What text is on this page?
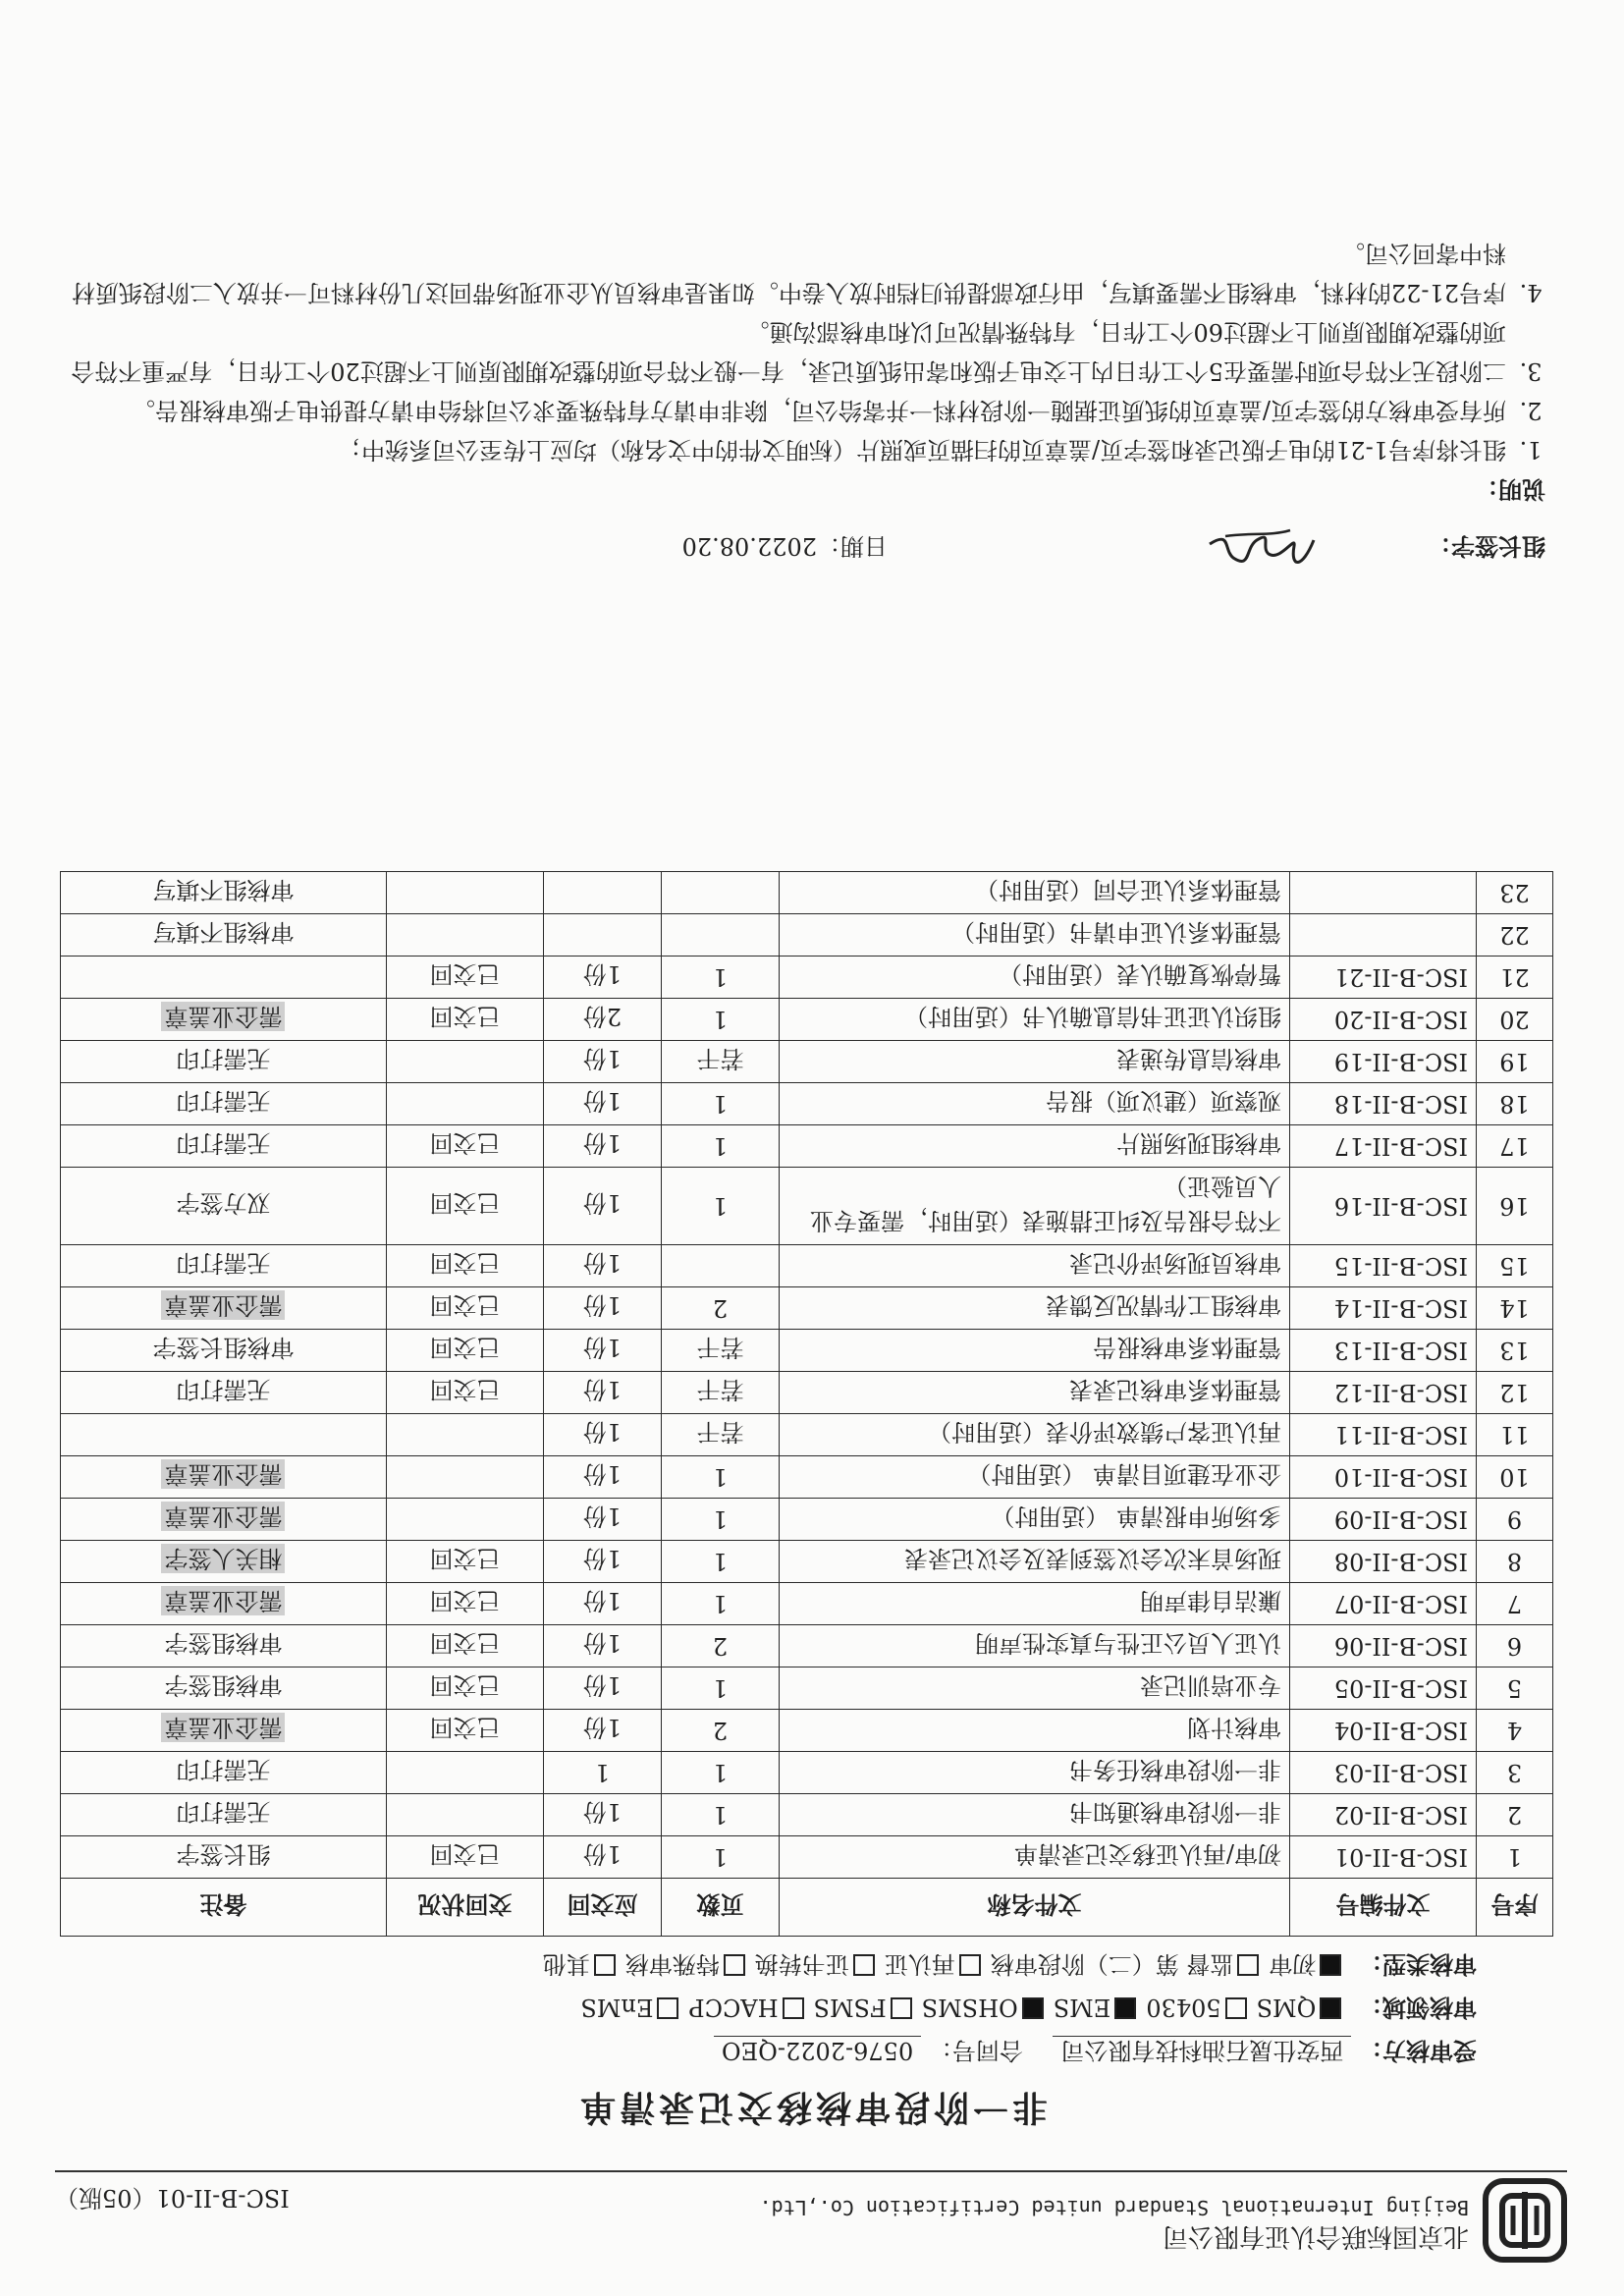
北京国标联合认证有限公司
Beijing International Standard united Certification Co.,Ltd.
ISC-B-II-01（05版）
非一阶段审核移交记录清单
受审核方： 西安仕晟石油科技有限公司    合同号： 0576-2022-QEO
审核领域： QMS50430EMSOHSMSFSMSHACCPEnMS
审核类型： 初审监督 第（二）阶段审核再认证证书转换特殊审核其他
序号	文件编号	文件名称	页数	应交回	交回状况	备注
1	ISC-B-II-01	初审/再认证移交记录清单	1	1份	已交回	组长签字
2	ISC-B-II-02	非一阶段审核通知书	1	1份		无需打印
3	ISC-B-II-03	非一阶段审核任务书	1	1		无需打印
4	ISC-B-II-04	审核计划	2	1份	已交回	需企业盖章
5	ISC-B-II-05	专业培训记录	1	1份	已交回	审核组签字
6	ISC-B-II-06	认证人员公正性与真实性声明	2	1份	已交回	审核组签字
7	ISC-B-II-07	廉洁自律声明	1	1份	已交回	需企业盖章
8	ISC-B-II-08	现场首末次会议签到表及会议记录表	1	1份	已交回	相关人签字
9	ISC-B-II-09	多场所申报清单 （适用时）	1	1份		需企业盖章
10	ISC-B-II-10	企业在建项目清单 （适用时）	1	1份		需企业盖章
11	ISC-B-II-11	再认证客户绩效评价表（适用时）	若干	1份		
12	ISC-B-II-12	管理体系审核记录表	若干	1份	已交回	无需打印
13	ISC-B-II-13	管理体系审核报告	若干	1份	已交回	审核组长签字
14	ISC-B-II-14	审核组工作情况反馈表	2	1份	已交回	需企业盖章
15	ISC-B-II-15	审核员现场评价记录		1份	已交回	无需打印
16	ISC-B-II-16	不符合报告及纠正措施表（适用时，需要专业人员验证）	1	1份	已交回	双方签字
17	ISC-B-II-17	审核组现场照片	1	1份	已交回	无需打印
18	ISC-B-II-18	观察项（建议项）报告	1	1份		无需打印
19	ISC-B-II-19	审核信息传递表	若干	1份		无需打印
20	ISC-B-II-20	组织认证证书信息确认书（适用时）	1	2份	已交回	需企业盖章
21	ISC-B-II-21	暂停恢复确认表（适用时）	1	1份	已交回	
22		管理体系认证申请书（适用时）				审核组不填写
23		管理体系认证合同（适用时）				审核组不填写
组长签字：
日期：2022.08.20
说明：
1. 组长将序号1-21的电子版记录和签字页/盖章页的扫描页或照片（标明文件的中文名称）均应上传至公司系统中；
2. 所有受审核方的签字页/盖章页的纸质证据随一阶段材料一并寄给公司，除非申请方有特殊要求公司将给申请方提供电子版审核报告。
3. 二阶段无不符合项时需要在5个工作日内上交电子版和寄出纸质记录，有一般不符合项的整改期限原则上不超过20个工作日，有严重不符合项的整改期限原则上不超过60个工作日，有特殊情况可以和审核部沟通。
4. 序号21-22的材料，审核组不需要填写，由行政部提供归档时放入卷中。如果是审核员从企业现场带回这几份材料可一并放入二阶段纸质材料中寄回公司。
